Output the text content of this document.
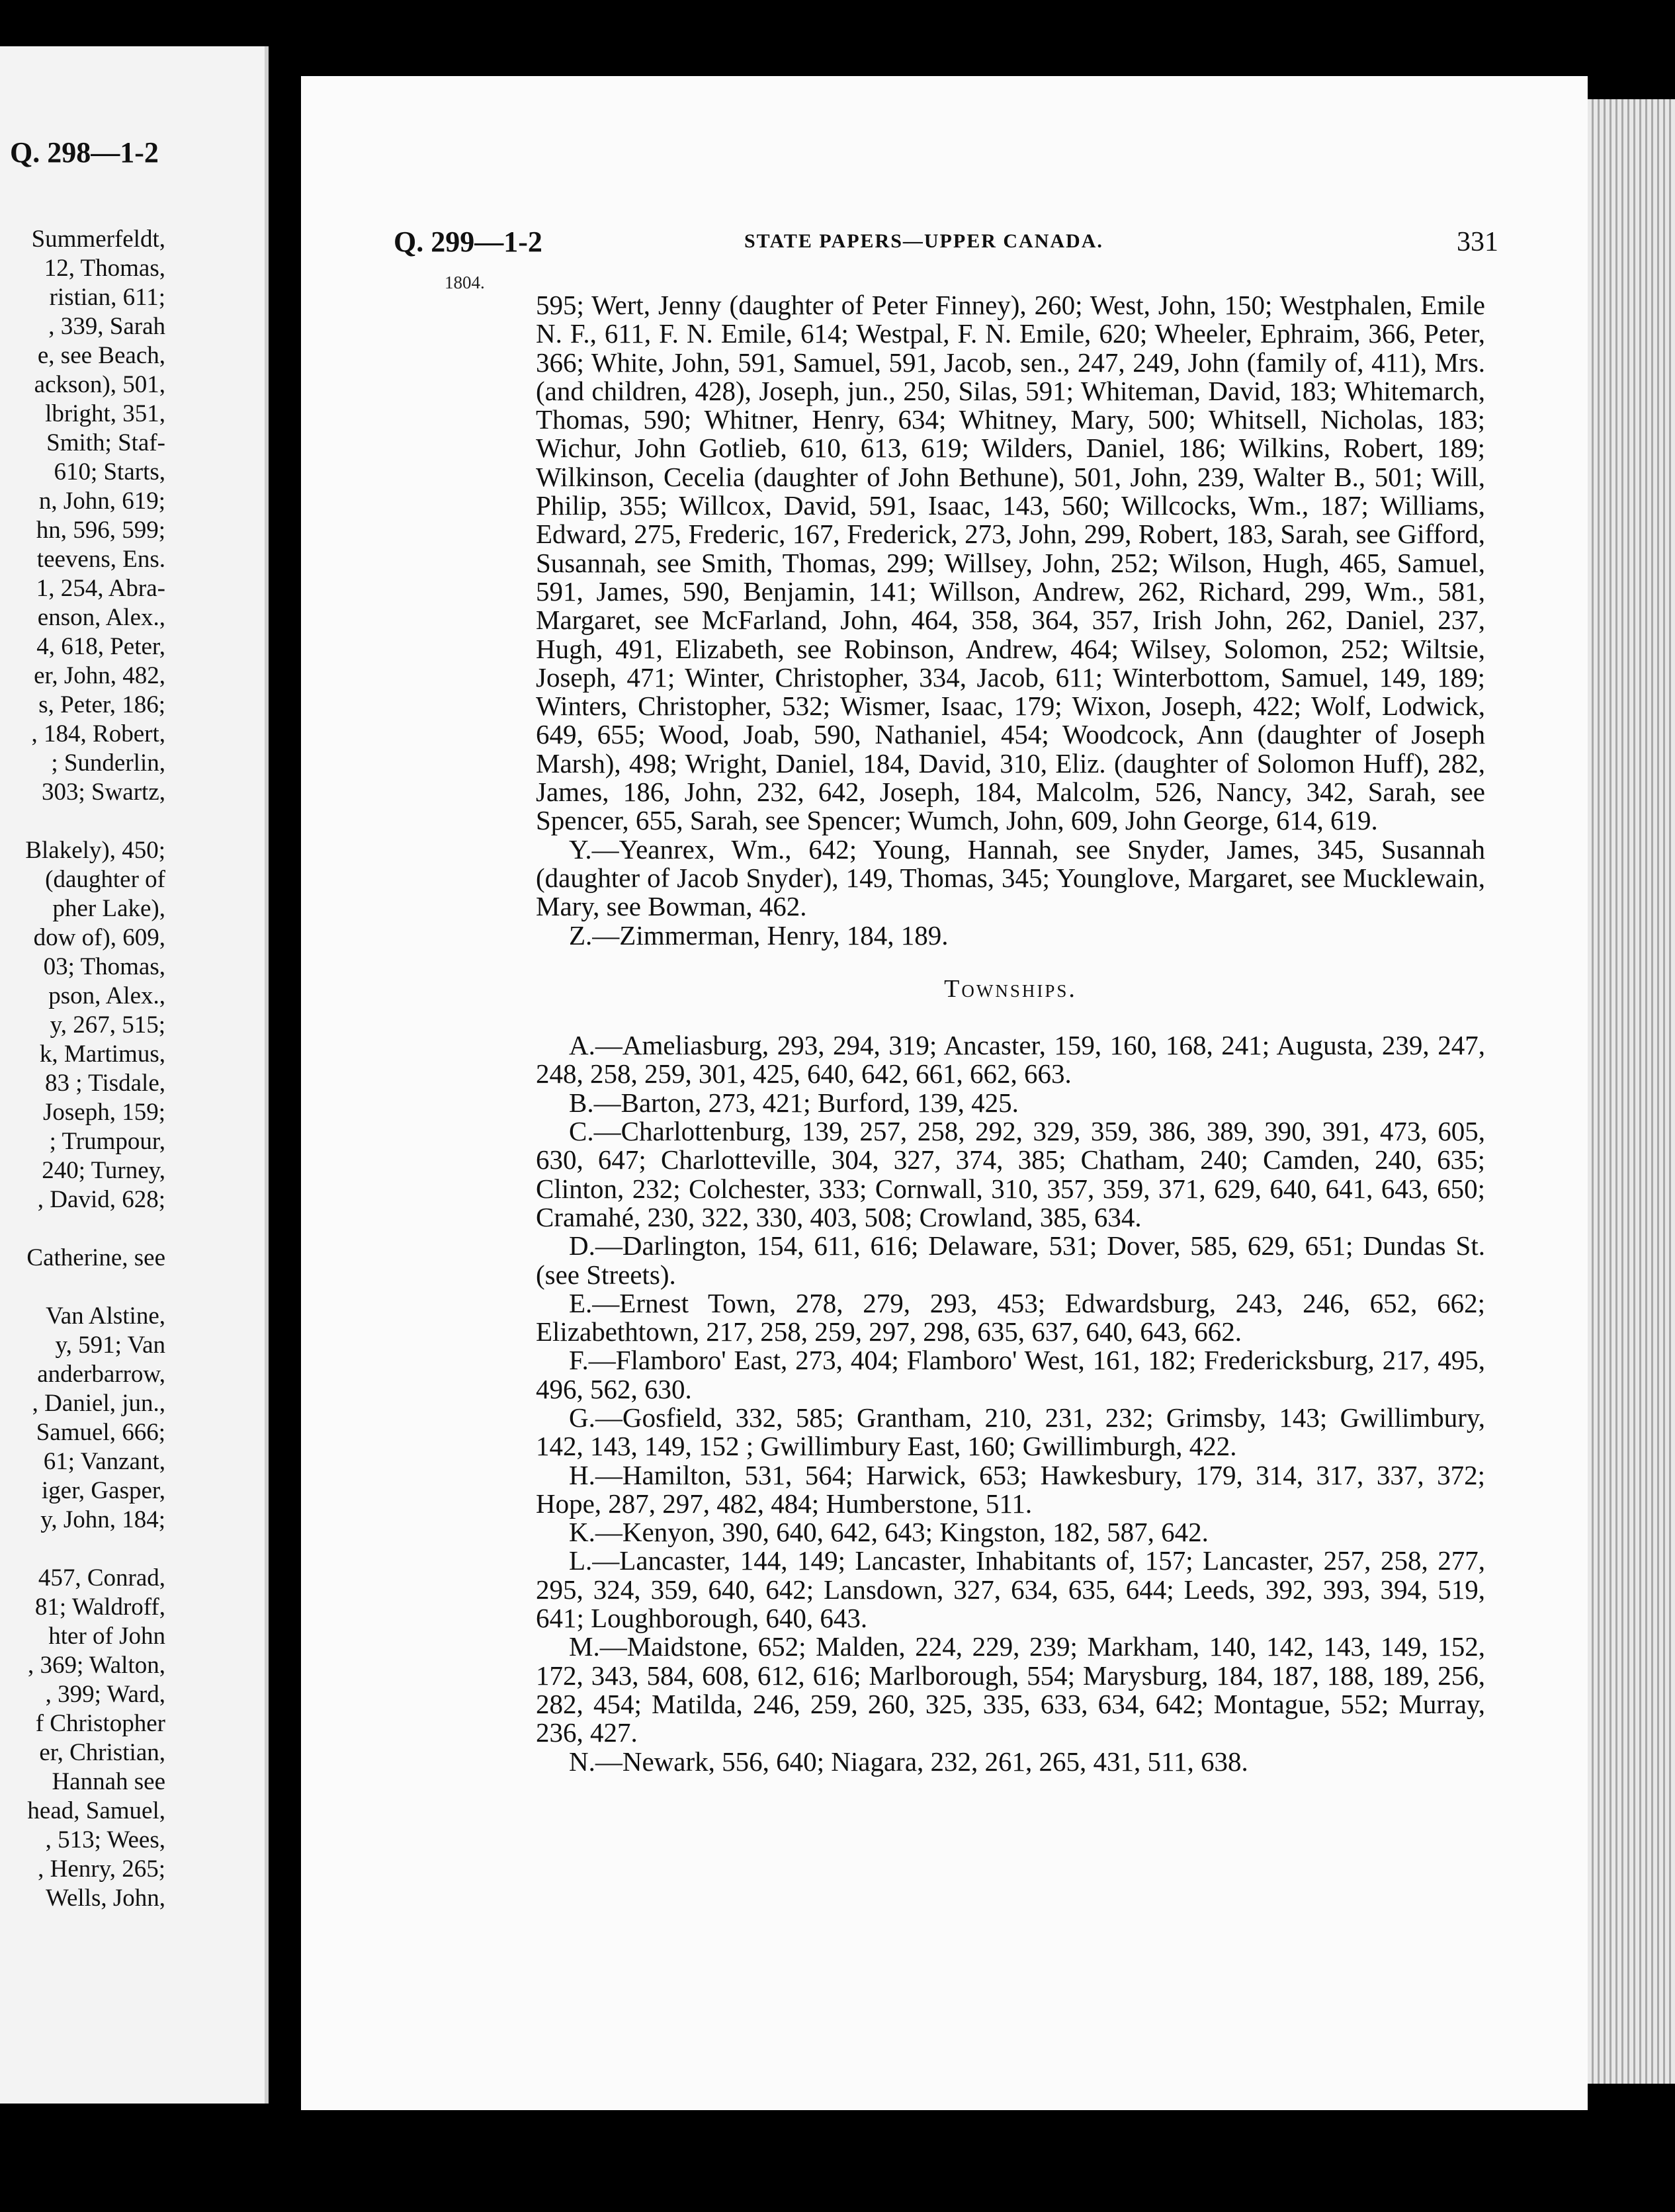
Q. 298—1-2
Summerfeldt,
12, Thomas,
ristian, 611;
, 339, Sarah
e, see Beach,
ackson), 501,
lbright, 351,
Smith; Staf-
610; Starts,
n, John, 619;
hn, 596, 599;
teevens, Ens.
1, 254, Abra-
enson, Alex.,
4, 618, Peter,
er, John, 482,
s, Peter, 186;
, 184, Robert,
; Sunderlin,
303; Swartz,
Blakely), 450;
(daughter of
pher Lake),
dow of), 609,
03; Thomas,
pson, Alex.,
y, 267, 515;
k, Martimus,
83 ; Tisdale,
Joseph, 159;
; Trumpour,
240; Turney,
, David, 628;
Catherine, see
Van Alstine,
y, 591; Van
anderbarrow,
, Daniel, jun.,
Samuel, 666;
61; Vanzant,
iger, Gasper,
y, John, 184;
457, Conrad,
81; Waldroff,
hter of John
, 369; Walton,
, 399; Ward,
f Christopher
er, Christian,
Hannah see
head, Samuel,
, 513; Wees,
, Henry, 265;
Wells, John,
Q. 299—1-2	STATE PAPERS—UPPER CANADA.	331
1804.

595; Wert, Jenny (daughter of Peter Finney), 260; West, John, 150; Westphalen, Emile N. F., 611, F. N. Emile, 614; Westpal, F. N. Emile, 620; Wheeler, Ephraim, 366, Peter, 366; White, John, 591, Samuel, 591, Jacob, sen., 247, 249, John (family of, 411), Mrs. (and children, 428), Joseph, jun., 250, Silas, 591; Whiteman, David, 183; Whitemarch, Thomas, 590; Whitner, Henry, 634; Whitney, Mary, 500; Whitsell, Nicholas, 183; Wichur, John Gotlieb, 610, 613, 619; Wilders, Daniel, 186; Wilkins, Robert, 189; Wilkinson, Cecelia (daughter of John Bethune), 501, John, 239, Walter B., 501; Will, Philip, 355; Willcox, David, 591, Isaac, 143, 560; Willcocks, Wm., 187; Williams, Edward, 275, Frederic, 167, Frederick, 273, John, 299, Robert, 183, Sarah, see Gifford, Susannah, see Smith, Thomas, 299; Willsey, John, 252; Wilson, Hugh, 465, Samuel, 591, James, 590, Benjamin, 141; Willson, Andrew, 262, Richard, 299, Wm., 581, Margaret, see McFarland, John, 464, 358, 364, 357, Irish John, 262, Daniel, 237, Hugh, 491, Elizabeth, see Robinson, Andrew, 464; Wilsey, Solomon, 252; Wiltsie, Joseph, 471; Winter, Christopher, 334, Jacob, 611; Winterbottom, Samuel, 149, 189; Winters, Christopher, 532; Wismer, Isaac, 179; Wixon, Joseph, 422; Wolf, Lodwick, 649, 655; Wood, Joab, 590, Nathaniel, 454; Woodcock, Ann (daughter of Joseph Marsh), 498; Wright, Daniel, 184, David, 310, Eliz. (daughter of Solomon Huff), 282, James, 186, John, 232, 642, Joseph, 184, Malcolm, 526, Nancy, 342, Sarah, see Spencer, 655, Sarah, see Spencer; Wumch, John, 609, John George, 614, 619.

Y.—Yeanrex, Wm., 642; Young, Hannah, see Snyder, James, 345, Susannah (daughter of Jacob Snyder), 149, Thomas, 345; Younglove, Margaret, see Mucklewain, Mary, see Bowman, 462.

Z.—Zimmerman, Henry, 184, 189.

Townships.

A.—Ameliasburg, 293, 294, 319; Ancaster, 159, 160, 168, 241; Augusta, 239, 247, 248, 258, 259, 301, 425, 640, 642, 661, 662, 663.

B.—Barton, 273, 421; Burford, 139, 425.

C.—Charlottenburg, 139, 257, 258, 292, 329, 359, 386, 389, 390, 391, 473, 605, 630, 647; Charlotteville, 304, 327, 374, 385; Chatham, 240; Camden, 240, 635; Clinton, 232; Colchester, 333; Cornwall, 310, 357, 359, 371, 629, 640, 641, 643, 650; Cramahé, 230, 322, 330, 403, 508; Crowland, 385, 634.

D.—Darlington, 154, 611, 616; Delaware, 531; Dover, 585, 629, 651; Dundas St. (see Streets).

E.—Ernest Town, 278, 279, 293, 453; Edwardsburg, 243, 246, 652, 662; Elizabethtown, 217, 258, 259, 297, 298, 635, 637, 640, 643, 662.

F.—Flamboro' East, 273, 404; Flamboro' West, 161, 182; Fredericksburg, 217, 495, 496, 562, 630.

G.—Gosfield, 332, 585; Grantham, 210, 231, 232; Grimsby, 143; Gwillimbury, 142, 143, 149, 152 ; Gwillimbury East, 160; Gwillimburgh, 422.

H.—Hamilton, 531, 564; Harwick, 653; Hawkesbury, 179, 314, 317, 337, 372; Hope, 287, 297, 482, 484; Humberstone, 511.

K.—Kenyon, 390, 640, 642, 643; Kingston, 182, 587, 642.

L.—Lancaster, 144, 149; Lancaster, Inhabitants of, 157; Lancaster, 257, 258, 277, 295, 324, 359, 640, 642; Lansdown, 327, 634, 635, 644; Leeds, 392, 393, 394, 519, 641; Loughborough, 640, 643.

M.—Maidstone, 652; Malden, 224, 229, 239; Markham, 140, 142, 143, 149, 152, 172, 343, 584, 608, 612, 616; Marlborough, 554; Marysburg, 184, 187, 188, 189, 256, 282, 454; Matilda, 246, 259, 260, 325, 335, 633, 634, 642; Montague, 552; Murray, 236, 427.

N.—Newark, 556, 640; Niagara, 232, 261, 265, 431, 511, 638.
